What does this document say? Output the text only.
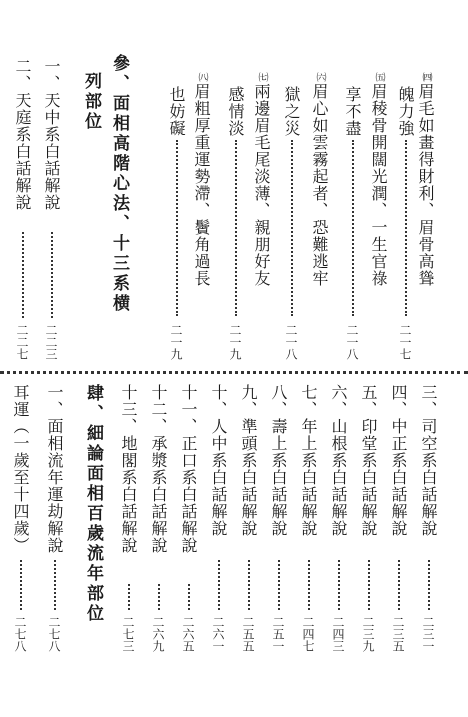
㈣眉毛如畫得財利、眉骨高聳
魄力強
二一七
㈤眉稜骨開闊光潤、一生官祿
享不盡
二一八
㈥眉心如雲霧起者、恐難逃牢
獄之災
二一八
㈦兩邊眉毛尾淡薄、親朋好友
感情淡
二一九
㈧眉粗厚重運勢滯、鬢角過長
也妨礙
二一九
參、面相高階心法、十三系横
列部位
一、天中系白話解說
二二三
二、天庭系白話解說
二二七
三、司空系白話解說
二三一
四、中正系白話解說
二三五
五、印堂系白話解說
二三九
六、山根系白話解說
二四三
七、年上系白話解說
二四七
八、壽上系白話解說
二五一
九、準頭系白話解說
二五五
十、人中系白話解說
二六一
十一、正口系白話解說
二六五
十二、承漿系白話解說
二六九
十三、地閣系白話解說
二七三
肆、細論面相百歲流年部位
一、面相流年運劫解說
二七八
耳運（一歲至十四歲）
二七八
